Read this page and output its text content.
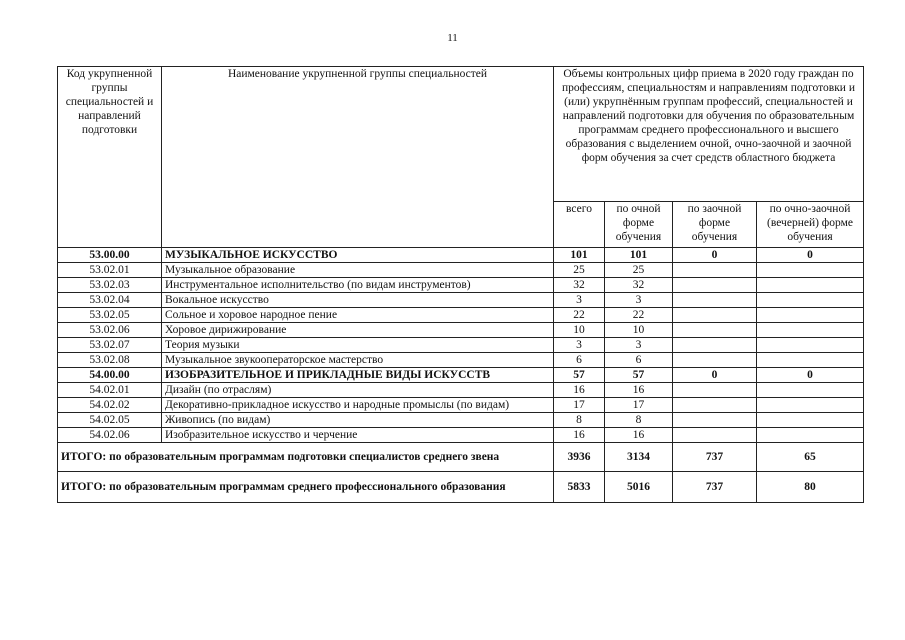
11
Код укрупненной группы специальностей и направлений подготовки	Наименование укрупненной группы специальностей	Объемы контрольных цифр приема в 2020 году граждан по профессиям, специальностям и направлениям подготовки и (или) укрупнённым группам профессий, специальностей и направлений подготовки для обучения по образовательным программам среднего профессионального и высшего образования с выделением очной, очно-заочной и заочной форм обучения за счет средств областного бюджета			
		всего	по очной форме обучения	по заочной форме обучения	по очно-заочной (вечерней) форме обучения
53.00.00	МУЗЫКАЛЬНОЕ ИСКУССТВО	101	101	0	0
53.02.01	Музыкальное образование	25	25		
53.02.03	Инструментальное исполнительство (по видам инструментов)	32	32		
53.02.04	Вокальное искусство	3	3		
53.02.05	Сольное и хоровое народное пение	22	22		
53.02.06	Хоровое дирижирование	10	10		
53.02.07	Теория музыки	3	3		
53.02.08	Музыкальное звукооператорское мастерство	6	6		
54.00.00	ИЗОБРАЗИТЕЛЬНОЕ И ПРИКЛАДНЫЕ ВИДЫ ИСКУССТВ	57	57	0	0
54.02.01	Дизайн (по отраслям)	16	16		
54.02.02	Декоративно-прикладное искусство и народные промыслы (по видам)	17	17		
54.02.05	Живопись (по видам)	8	8		
54.02.06	Изобразительное искусство и черчение	16	16		
ИТОГО: по образовательным программам подготовки специалистов среднего звена		3936	3134	737	65
ИТОГО: по образовательным программам среднего профессионального образования		5833	5016	737	80
